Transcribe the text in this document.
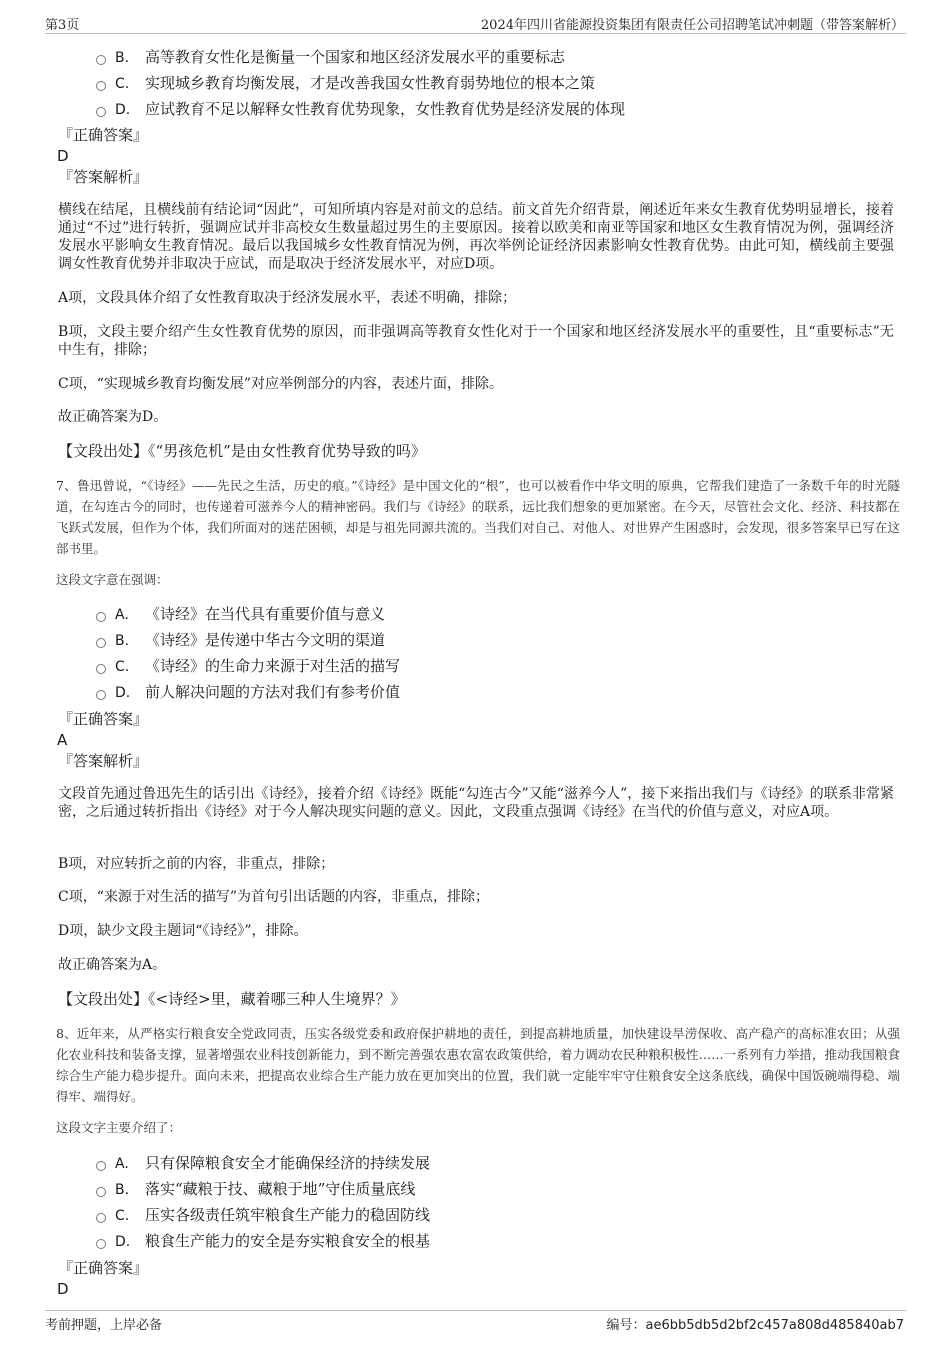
第3页	2024年四川省能源投资集团有限责任公司招聘笔试冲刺题（带答案解析）
B. 高等教育女性化是衡量一个国家和地区经济发展水平的重要标志
C. 实现城乡教育均衡发展，才是改善我国女性教育弱势地位的根本之策
D. 应试教育不足以解释女性教育优势现象，女性教育优势是经济发展的体现
『正确答案』
D
『答案解析』
横线在结尾，且横线前有结论词“因此”，可知所填内容是对前文的总结。前文首先介绍背景，阐述近年来女生教育优势明显增长，接着通过“不过”进行转折，强调应试并非高校女生数量超过男生的主要原因。接着以欧美和南亚等国家和地区女生教育情况为例，强调经济发展水平影响女生教育情况。最后以我国城乡女性教育情况为例，再次举例论证经济因素影响女性教育优势。由此可知，横线前主要强调女性教育优势并非取决于应试，而是取决于经济发展水平，对应D项。
A项，文段具体介绍了女性教育取决于经济发展水平，表述不明确，排除；
B项，文段主要介绍产生女性教育优势的原因，而非强调高等教育女性化对于一个国家和地区经济发展水平的重要性，且“重要标志”无中生有，排除；
C项，“实现城乡教育均衡发展”对应举例部分的内容，表述片面，排除。
故正确答案为D。
【文段出处】《“男孩危机”是由女性教育优势导致的吗》
7、鲁迅曾说，“《诗经》——先民之生活，历史的痕。”《诗经》是中国文化的“根”，也可以被看作中华文明的原典，它帮我们建造了一条数千年的时光隧道，在勾连古今的同时，也传递着可滋养今人的精神密码。我们与《诗经》的联系，远比我们想象的更加紧密。在今天，尽管社会文化、经济、科技都在飞跃式发展，但作为个体，我们所面对的迷茫困顿，却是与祖先同源共流的。当我们对自己、对他人、对世界产生困惑时，会发现，很多答案早已写在这部书里。
这段文字意在强调：
A. 《诗经》在当代具有重要价值与意义
B. 《诗经》是传递中华古今文明的渠道
C. 《诗经》的生命力来源于对生活的描写
D. 前人解决问题的方法对我们有参考价值
『正确答案』
A
『答案解析』
文段首先通过鲁迅先生的话引出《诗经》，接着介绍《诗经》既能“勾连古今”又能“滋养今人”，接下来指出我们与《诗经》的联系非常紧密，之后通过转折指出《诗经》对于今人解决现实问题的意义。因此，文段重点强调《诗经》在当代的价值与意义，对应A项。
B项，对应转折之前的内容，非重点，排除；
C项，“来源于对生活的描写”为首句引出话题的内容，非重点，排除；
D项，缺少文段主题词“《诗经》”，排除。
故正确答案为A。
【文段出处】《<诗经>里，藏着哪三种人生境界？》
8、近年来，从严格实行粮食安全党政同责，压实各级党委和政府保护耕地的责任，到提高耕地质量，加快建设旱涝保收、高产稳产的高标准农田；从强化农业科技和装备支撑，显著增强农业科技创新能力，到不断完善强农惠农富农政策供给，着力调动农民种粮积极性……一系列有力举措，推动我国粮食综合生产能力稳步提升。面向未来，把提高农业综合生产能力放在更加突出的位置，我们就一定能牢牢守住粮食安全这条底线，确保中国饭碗端得稳、端得牢、端得好。
这段文字主要介绍了：
A. 只有保障粮食安全才能确保经济的持续发展
B. 落实“藏粮于技、藏粮于地”守住质量底线
C. 压实各级责任筑牢粮食生产能力的稳固防线
D. 粮食生产能力的安全是夯实粮食安全的根基
『正确答案』
D
考前押题，上岸必备	编号：ae6bb5db5d2bf2c457a808d485840ab7
